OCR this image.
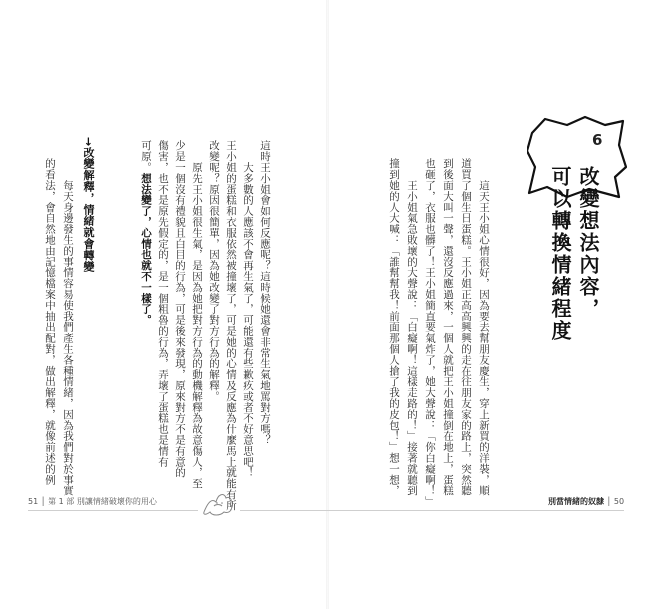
6
改變想法內容，
可以轉換情緒程度
　　這天王小姐心情很好，因為要去幫朋友慶生，穿上新買的洋裝，順
道買了個生日蛋糕。王小姐正高高興興的走在往朋友家的路上，突然聽
到後面大叫一聲，還沒反應過來，一個人就把王小姐撞倒在地上，蛋糕
也砸了，衣服也髒了！王小姐簡直要氣炸了，她大聲說：「你白癡啊！」
　　王小姐氣急敗壞的大聲說：「白癡啊！這樣走路的！」接著就聽到
撞到她的人大喊：「誰幫幫我！前面那個人搶了我的皮包！」想一想，
這時王小姐會如何反應呢？這時候她還會非常生氣地罵對方嗎？
　　大多數的人應該不會再生氣了，可能還有些歉疚或者不好意思吧！
王小姐的蛋糕和衣服依然被撞壞了，可是她的心情及反應為什麼馬上就能有所
改變呢？原因很簡單，因為她改變了對方行為的解釋。
　　原先王小姐很生氣，是因為她把對方行為的動機解釋為故意傷人，至
少是一個沒有禮貌且白目的行為，可是後來發現，原來對方不是有意的
傷害，也不是原先假定的，是一個粗魯的行為，弄壞了蛋糕也是情有
可原。想法變了，心情也就不一樣了。
→改變解釋，情緒就會轉變
　　每天身邊發生的事情容易使我們產生各種情緒，因為我們對於事實
的看法，會自然地由記憶檔案中抽出配對，做出解釋，就像前述的例
51 │ 第 1 部 別讓情緒破壞你的用心	別當情緒的奴隸 │ 50
